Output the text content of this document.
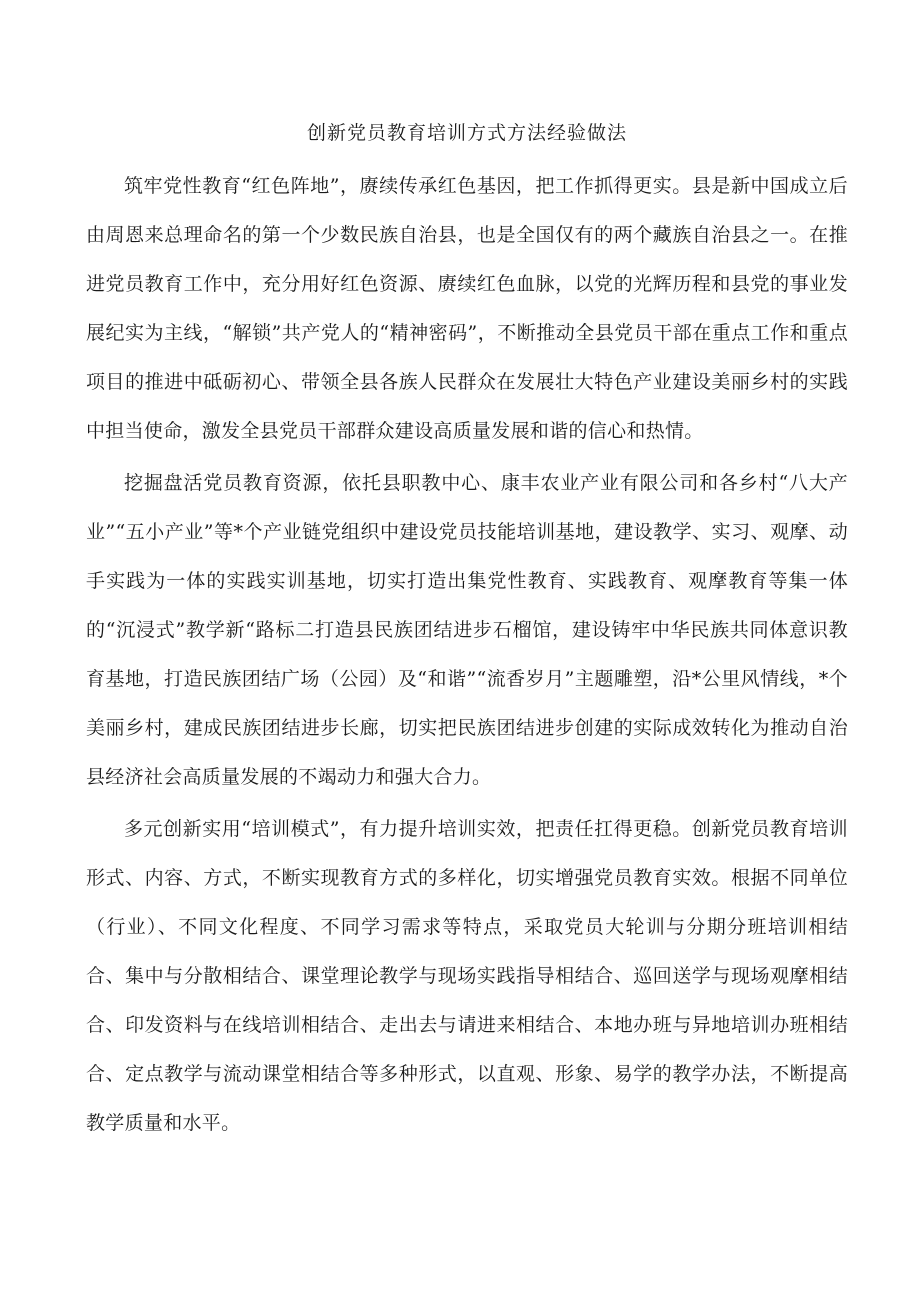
创新党员教育培训方式方法经验做法

筑牢党性教育“红色阵地”，赓续传承红色基因，把工作抓得更实。县是新中国成立后由周恩来总理命名的第一个少数民族自治县，也是全国仅有的两个藏族自治县之一。在推进党员教育工作中，充分用好红色资源、赓续红色血脉，以党的光辉历程和县党的事业发展纪实为主线，“解锁”共产党人的“精神密码”，不断推动全县党员干部在重点工作和重点项目的推进中砥砺初心、带领全县各族人民群众在发展壮大特色产业建设美丽乡村的实践中担当使命，激发全县党员干部群众建设高质量发展和谐的信心和热情。

挖掘盘活党员教育资源，依托县职教中心、康丰农业产业有限公司和各乡村“八大产业”“五小产业”等*个产业链党组织中建设党员技能培训基地，建设教学、实习、观摩、动手实践为一体的实践实训基地，切实打造出集党性教育、实践教育、观摩教育等集一体的“沉浸式”教学新“路标二打造县民族团结进步石榴馆，建设铸牢中华民族共同体意识教育基地，打造民族团结广场（公园）及“和谐”“流香岁月”主题雕塑，沿*公里风情线，*个美丽乡村，建成民族团结进步长廊，切实把民族团结进步创建的实际成效转化为推动自治县经济社会高质量发展的不竭动力和强大合力。

多元创新实用“培训模式”，有力提升培训实效，把责任扛得更稳。创新党员教育培训形式、内容、方式，不断实现教育方式的多样化，切实增强党员教育实效。根据不同单位（行业）、不同文化程度、不同学习需求等特点，采取党员大轮训与分期分班培训相结合、集中与分散相结合、课堂理论教学与现场实践指导相结合、巡回送学与现场观摩相结合、印发资料与在线培训相结合、走出去与请进来相结合、本地办班与异地培训办班相结合、定点教学与流动课堂相结合等多种形式，以直观、形象、易学的教学办法，不断提高教学质量和水平。
